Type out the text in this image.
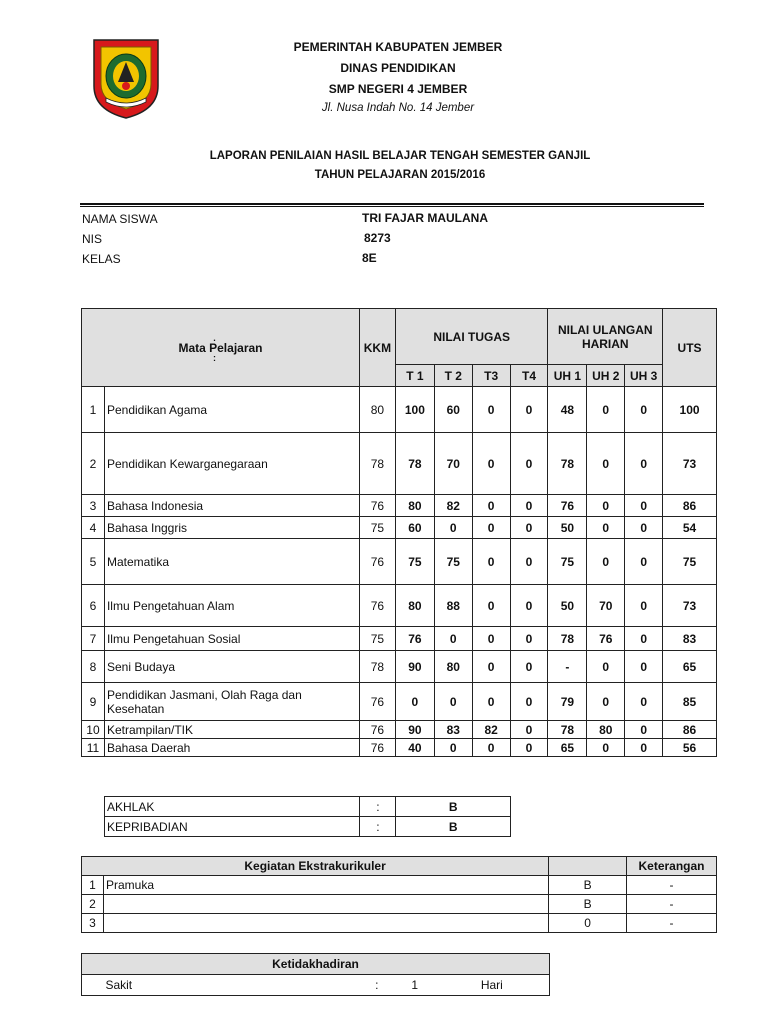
PEMERINTAH KABUPATEN JEMBER
DINAS PENDIDIKAN
SMP NEGERI 4 JEMBER
Jl. Nusa Indah No. 14 Jember
LAPORAN PENILAIAN HASIL BELAJAR TENGAH SEMESTER GANJIL
TAHUN PELAJARAN 2015/2016
NAMA SISWA	TRI FAJAR MAULANA
NIS	8273
KELAS	8E
.
Mata Pelajaran
:		KKM	NILAI TUGAS				NILAI ULANGAN HARIAN			UTS
			T 1	T 2	T3	T4	UH 1	UH 2	UH 3	
1	Pendidikan Agama	80	100	60	0	0	48	0	0	100
2	Pendidikan Kewarganegaraan	78	78	70	0	0	78	0	0	73
3	Bahasa Indonesia	76	80	82	0	0	76	0	0	86
4	Bahasa Inggris	75	60	0	0	0	50	0	0	54
5	Matematika	76	75	75	0	0	75	0	0	75
6	Ilmu Pengetahuan Alam	76	80	88	0	0	50	70	0	73
7	Ilmu Pengetahuan Sosial	75	76	0	0	0	78	76	0	83
8	Seni Budaya	78	90	80	0	0	-	0	0	65
9	Pendidikan Jasmani, Olah Raga dan Kesehatan	76	0	0	0	0	79	0	0	85
10	Ketrampilan/TIK	76	90	83	82	0	78	80	0	86
11	Bahasa Daerah	76	40	0	0	0	65	0	0	56
AKHLAK	:	B
KEPRIBADIAN	:	B
Kegiatan Ekstrakurikuler			Keterangan
1	Pramuka	B	-
2		B	-
3		0	-
Ketidakhadiran
	Sakit	:	1	Hari
